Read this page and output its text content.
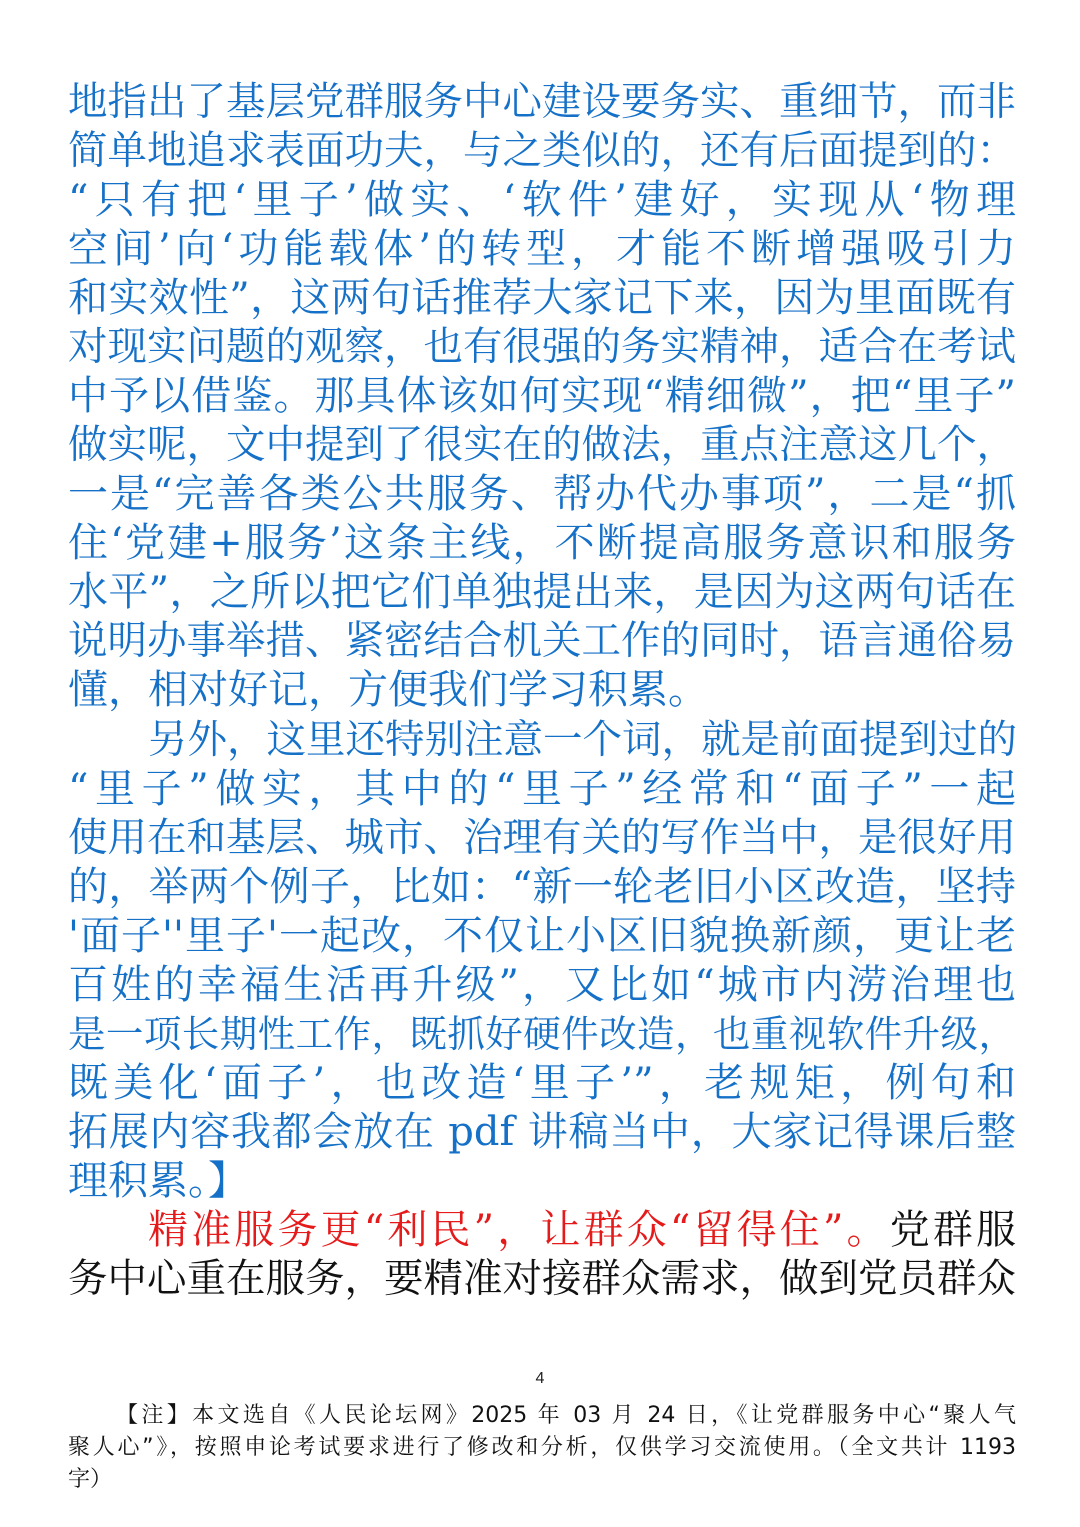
地指出了基层党群服务中心建设要务实、重细节，而非
简单地追求表面功夫，与之类似的，还有后面提到的：
“只有把‘里子’做实、‘软件’建好，实现从‘物理
空间’向‘功能载体’的转型，才能不断增强吸引力
和实效性”，这两句话推荐大家记下来，因为里面既有
对现实问题的观察，也有很强的务实精神，适合在考试
中予以借鉴。那具体该如何实现“精细微”，把“里子”
做实呢，文中提到了很实在的做法，重点注意这几个，
一是“完善各类公共服务、帮办代办事项”，二是“抓
住‘党建+服务’这条主线，不断提高服务意识和服务
水平”，之所以把它们单独提出来，是因为这两句话在
说明办事举措、紧密结合机关工作的同时，语言通俗易
懂，相对好记，方便我们学习积累。
另外，这里还特别注意一个词，就是前面提到过的
“里子”做实，其中的“里子”经常和“面子”一起
使用在和基层、城市、治理有关的写作当中，是很好用
的，举两个例子，比如：“新一轮老旧小区改造，坚持
'面子''里子'一起改，不仅让小区旧貌换新颜，更让老
百姓的幸福生活再升级”，又比如“城市内涝治理也
是一项长期性工作，既抓好硬件改造，也重视软件升级，
既美化‘面子’，也改造‘里子’”，老规矩，例句和
拓展内容我都会放在 pdf 讲稿当中，大家记得课后整
理积累。】
精准服务更“利民”，让群众“留得住”。党群服
务中心重在服务，要精准对接群众需求，做到党员群众
4
【注】本文选自《人民论坛网》2025 年 03 月 24 日，《让党群服务中心“聚人气
聚人心”》，按照申论考试要求进行了修改和分析，仅供学习交流使用。（全文共计 1193
字）
